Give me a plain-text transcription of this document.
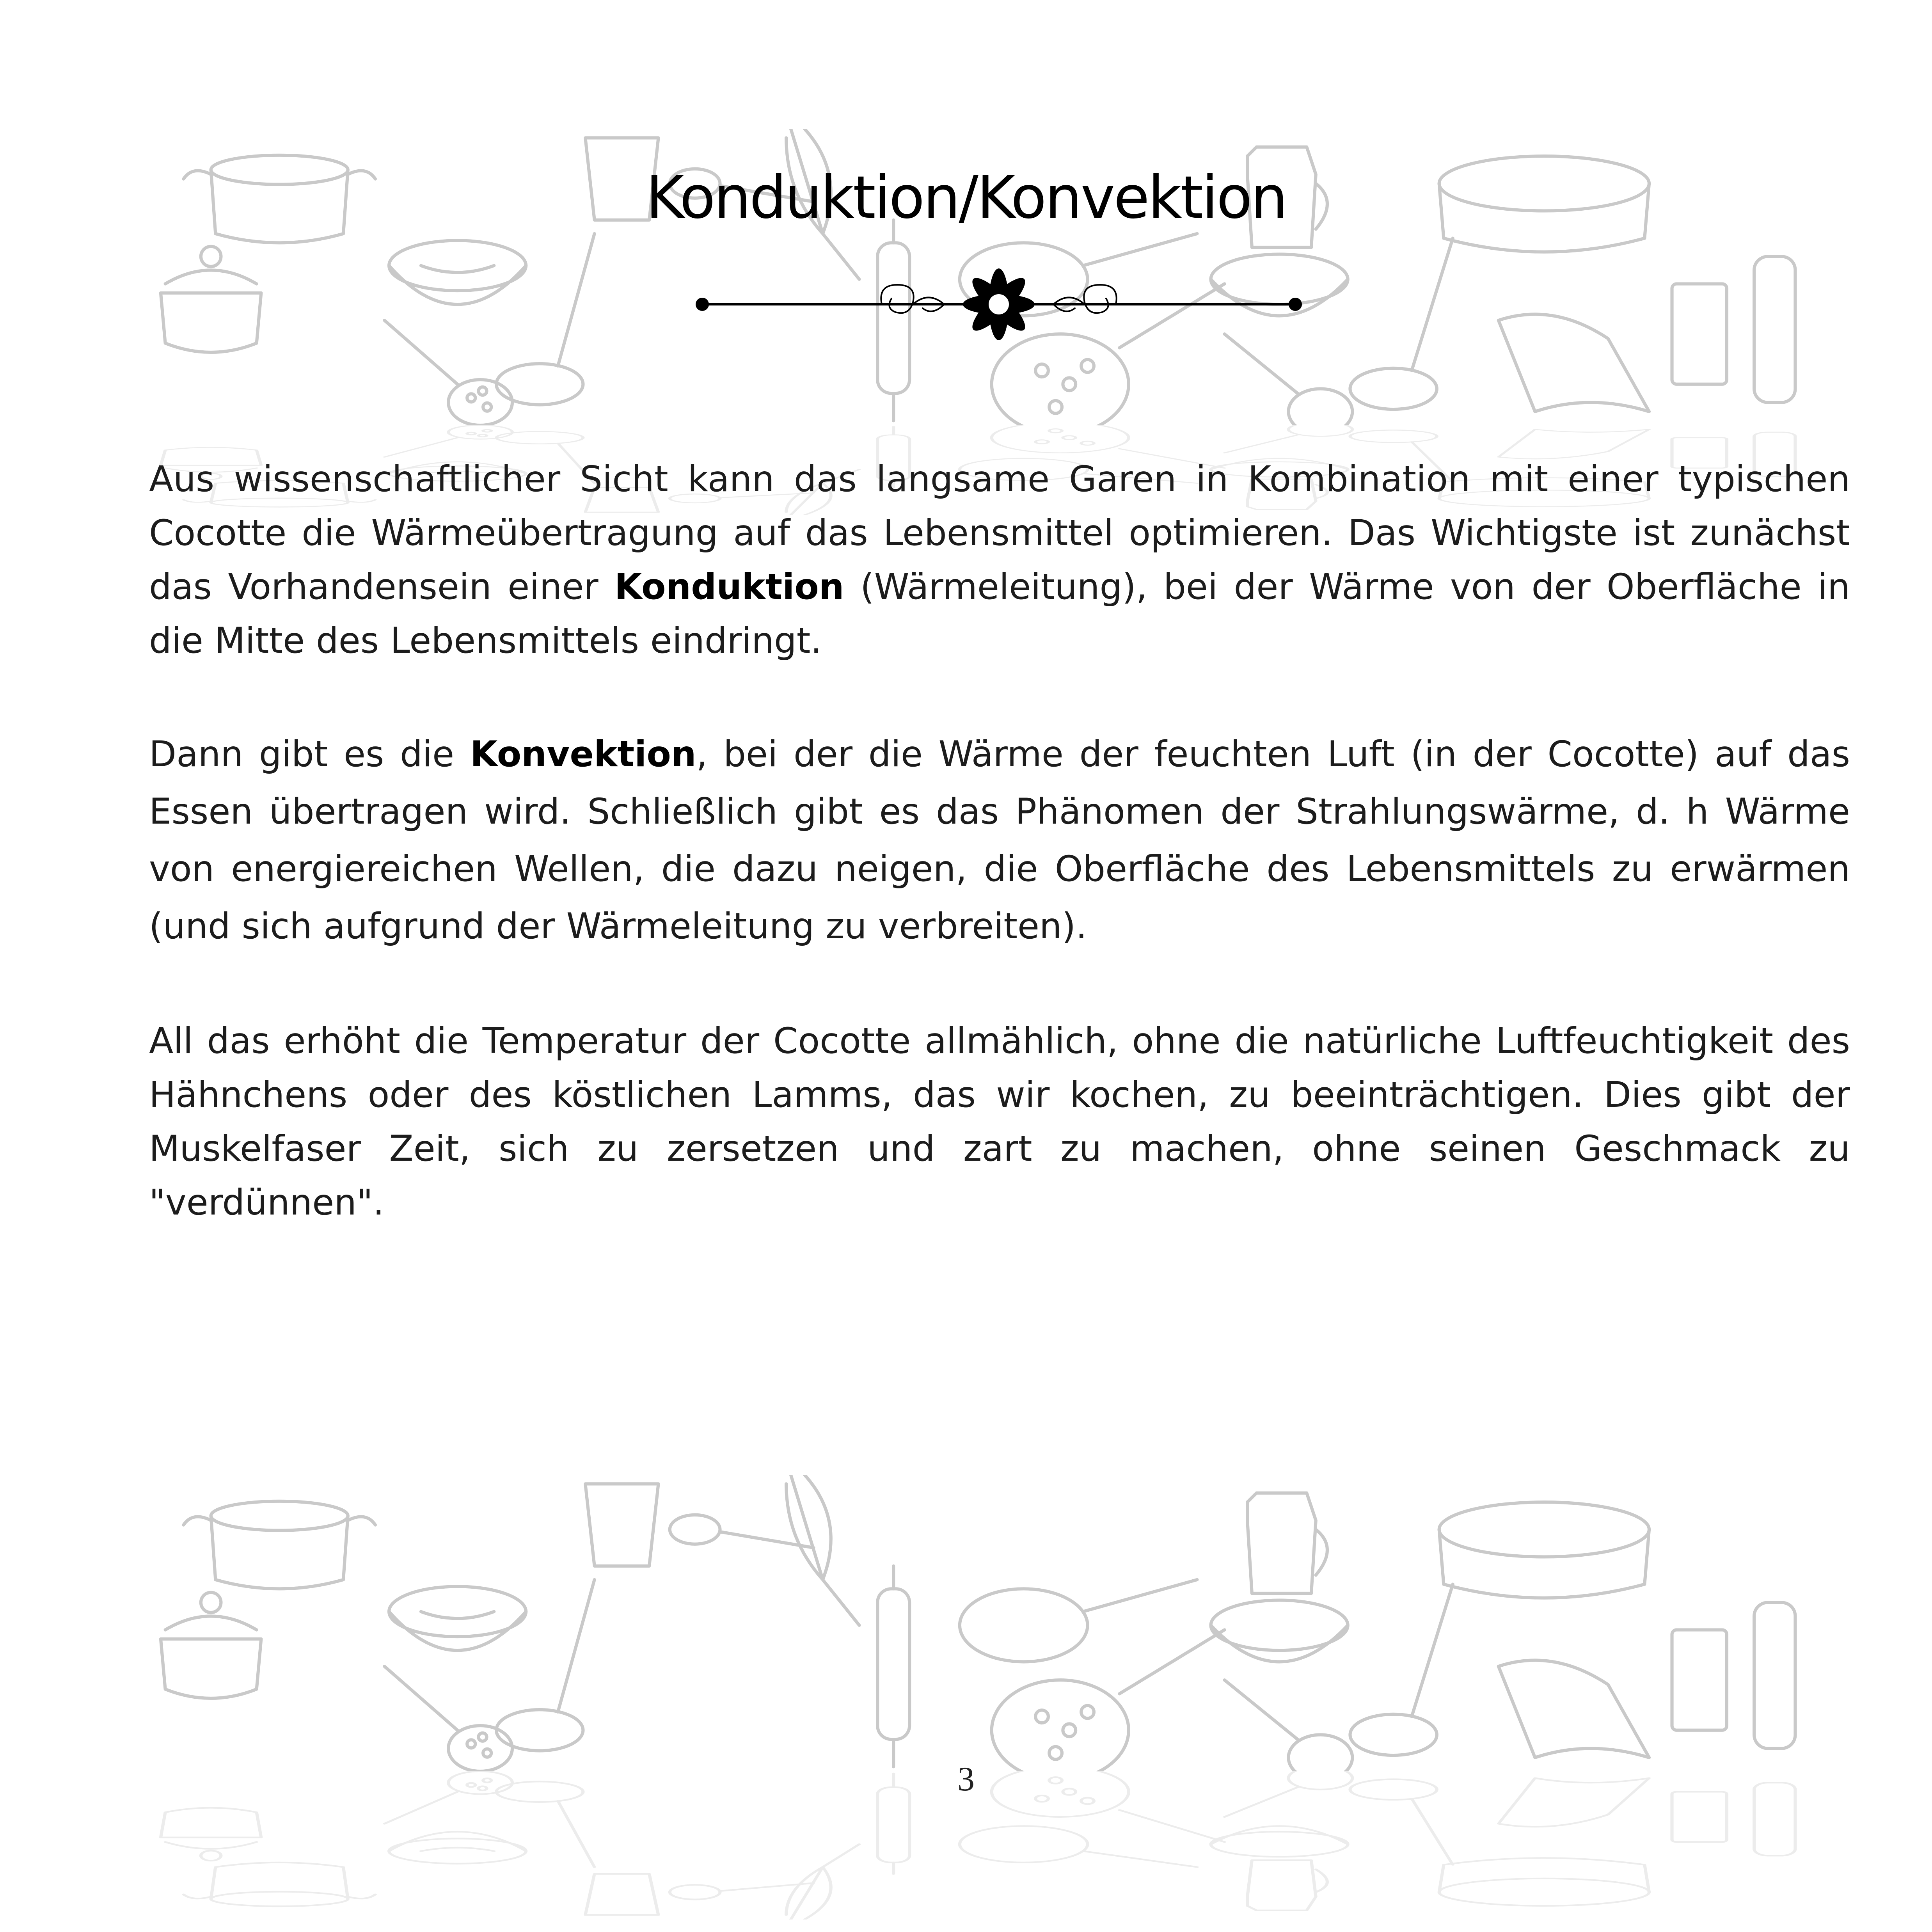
Konduktion/Konvektion

Aus wissenschaftlicher Sicht kann das langsame Garen in Kombination mit einer typischen Cocotte die Wärmeübertragung auf das Lebensmittel optimieren. Das Wichtigste ist zunächst das Vorhandensein einer Konduktion (Wärmeleitung), bei der Wärme von der Oberfläche in die Mitte des Lebensmittels eindringt.

Dann gibt es die Konvektion, bei der die Wärme der feuchten Luft (in der Cocotte) auf das Essen übertragen wird. Schließlich gibt es das Phänomen der Strahlungswärme, d. h Wärme von energiereichen Wellen, die dazu neigen, die Oberfläche des Lebensmittels zu erwärmen (und sich aufgrund der Wärmeleitung zu verbreiten).

All das erhöht die Temperatur der Cocotte allmählich, ohne die natürliche Luftfeuchtigkeit des Hähnchens oder des köstlichen Lamms, das wir kochen, zu beeinträchtigen. Dies gibt der Muskelfaser Zeit, sich zu zersetzen und zart zu machen, ohne seinen Geschmack zu "verdünnen".

3
